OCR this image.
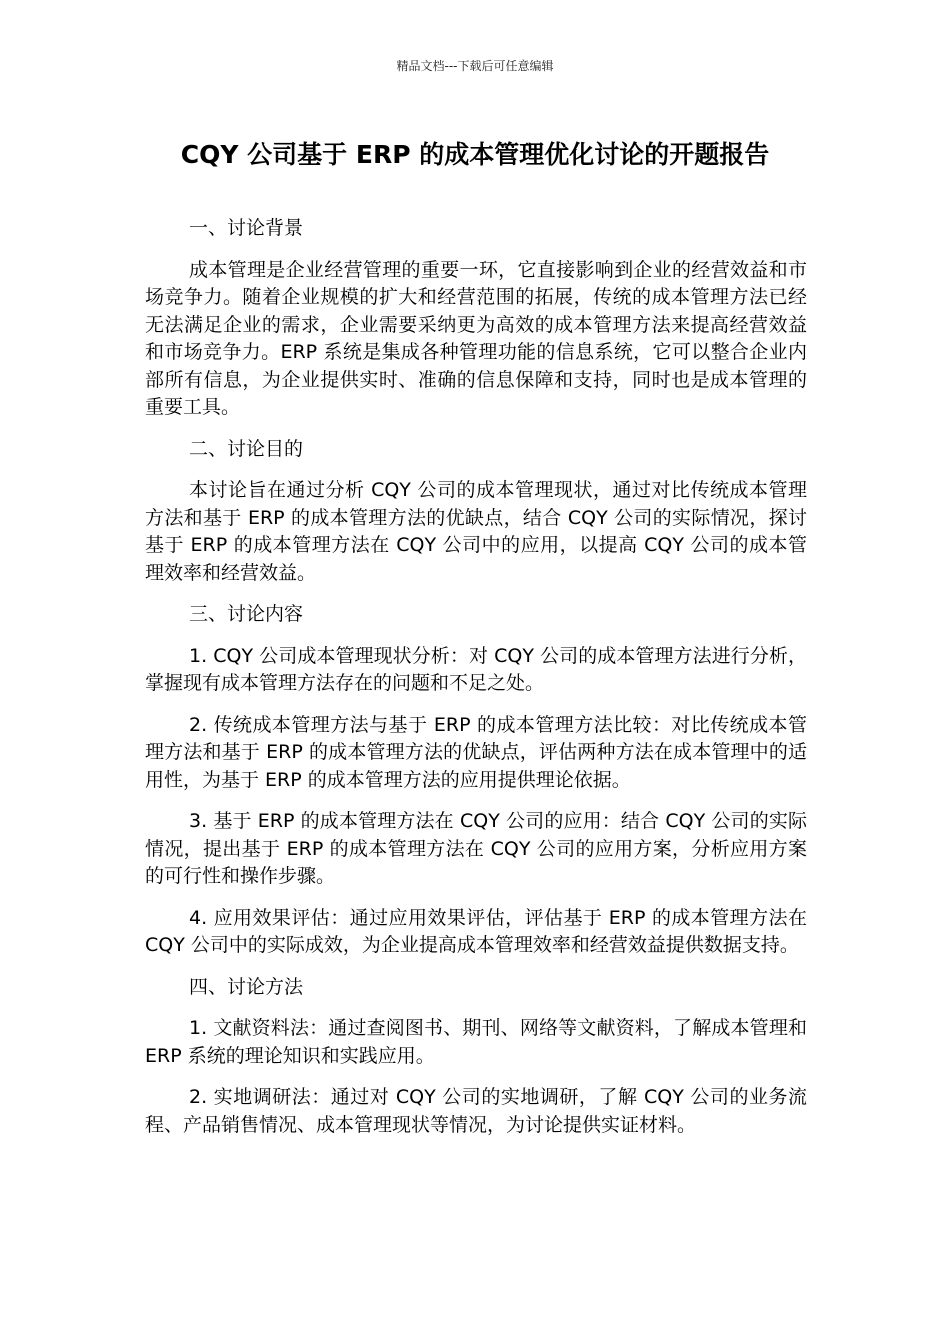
精品文档---下载后可任意编辑
CQY 公司基于 ERP 的成本管理优化讨论的开题报告

一、讨论背景

成本管理是企业经营管理的重要一环，它直接影响到企业的经营效益和市场竞争力。随着企业规模的扩大和经营范围的拓展，传统的成本管理方法已经无法满足企业的需求，企业需要采纳更为高效的成本管理方法来提高经营效益和市场竞争力。ERP 系统是集成各种管理功能的信息系统，它可以整合企业内部所有信息，为企业提供实时、准确的信息保障和支持，同时也是成本管理的重要工具。

二、讨论目的

本讨论旨在通过分析 CQY 公司的成本管理现状，通过对比传统成本管理方法和基于 ERP 的成本管理方法的优缺点，结合 CQY 公司的实际情况，探讨基于 ERP 的成本管理方法在 CQY 公司中的应用，以提高 CQY 公司的成本管理效率和经营效益。

三、讨论内容

1. CQY 公司成本管理现状分析：对 CQY 公司的成本管理方法进行分析，掌握现有成本管理方法存在的问题和不足之处。

2. 传统成本管理方法与基于 ERP 的成本管理方法比较：对比传统成本管理方法和基于 ERP 的成本管理方法的优缺点，评估两种方法在成本管理中的适用性，为基于 ERP 的成本管理方法的应用提供理论依据。

3. 基于 ERP 的成本管理方法在 CQY 公司的应用：结合 CQY 公司的实际情况，提出基于 ERP 的成本管理方法在 CQY 公司的应用方案，分析应用方案的可行性和操作步骤。

4. 应用效果评估：通过应用效果评估，评估基于 ERP 的成本管理方法在 CQY 公司中的实际成效，为企业提高成本管理效率和经营效益提供数据支持。

四、讨论方法

1. 文献资料法：通过查阅图书、期刊、网络等文献资料，了解成本管理和 ERP 系统的理论知识和实践应用。

2. 实地调研法：通过对 CQY 公司的实地调研，了解 CQY 公司的业务流程、产品销售情况、成本管理现状等情况，为讨论提供实证材料。
